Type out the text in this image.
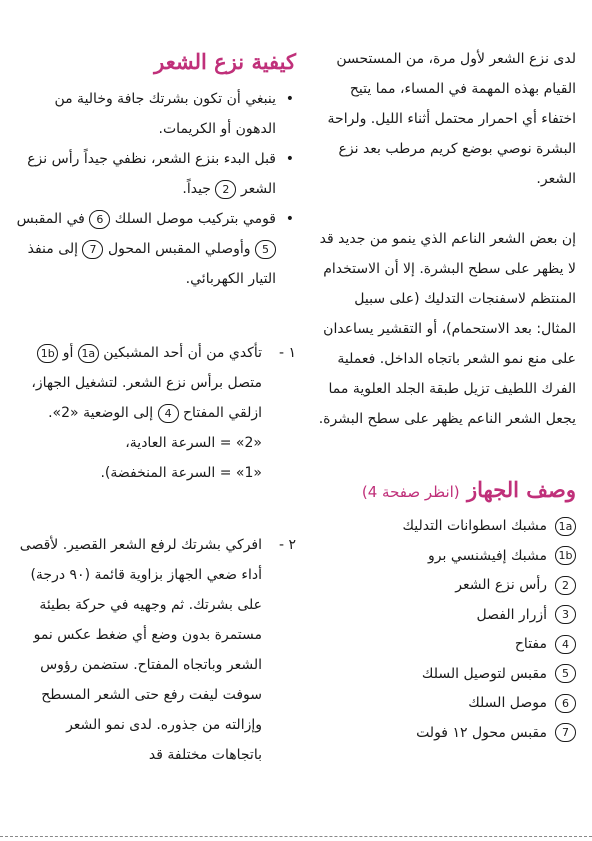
لدى نزع الشعر لأول مرة، من المستحسن القيام بهذه المهمة في المساء، مما يتيح اختفاء أي احمرار محتمل أثناء الليل. ولراحة البشرة نوصي بوضع كريم مرطب بعد نزع الشعر.

إن بعض الشعر الناعم الذي ينمو من جديد قد لا يظهر على سطح البشرة. إلا أن الاستخدام المنتظم لاسفنجات التدليك (على سبيل المثال: بعد الاستحمام)، أو التقشير يساعدان على منع نمو الشعر باتجاه الداخل. فعملية الفرك اللطيف تزيل طبقة الجلد العلوية مما يجعل الشعر الناعم يظهر على سطح البشرة.

وصف الجهاز (انظر صفحة 4)
1aمشبك اسطوانات التدليك
1bمشبك إفيشنسي برو
2رأس نزع الشعر
3أزرار الفصل
4مفتاح
5مقبس لتوصيل السلك
6موصل السلك
7مقبس محول ١٢ فولت
كيفية نزع الشعر
•
ينبغي أن تكون بشرتك جافة وخالية من الدهون أو الكريمات.
•
قبل البدء بنزع الشعر، نظفي جيداً رأس نزع الشعر 2 جيداً.
•
قومي بتركيب موصل السلك 6 في المقبس 5 وأوصلي المقبس المحول 7 إلى منفذ التيار الكهربائي.
١ -
تأكدي من أن أحد المشبكين 1a أو 1b متصل برأس نزع الشعر. لتشغيل الجهاز، ازلقي المفتاح 4 إلى الوضعية «2».
«2» = السرعة العادية،
«1» = السرعة المنخفضة).
٢ -
افركي بشرتك لرفع الشعر القصير. لأقصى أداء ضعي الجهاز بزاوية قائمة (٩٠ درجة) على بشرتك. ثم وجهيه في حركة بطيئة مستمرة بدون وضع أي ضغط عكس نمو الشعر وباتجاه المفتاح. ستضمن رؤوس سوفت ليفت رفع حتى الشعر المسطح وإزالته من جذوره. لدى نمو الشعر باتجاهات مختلفة قد
